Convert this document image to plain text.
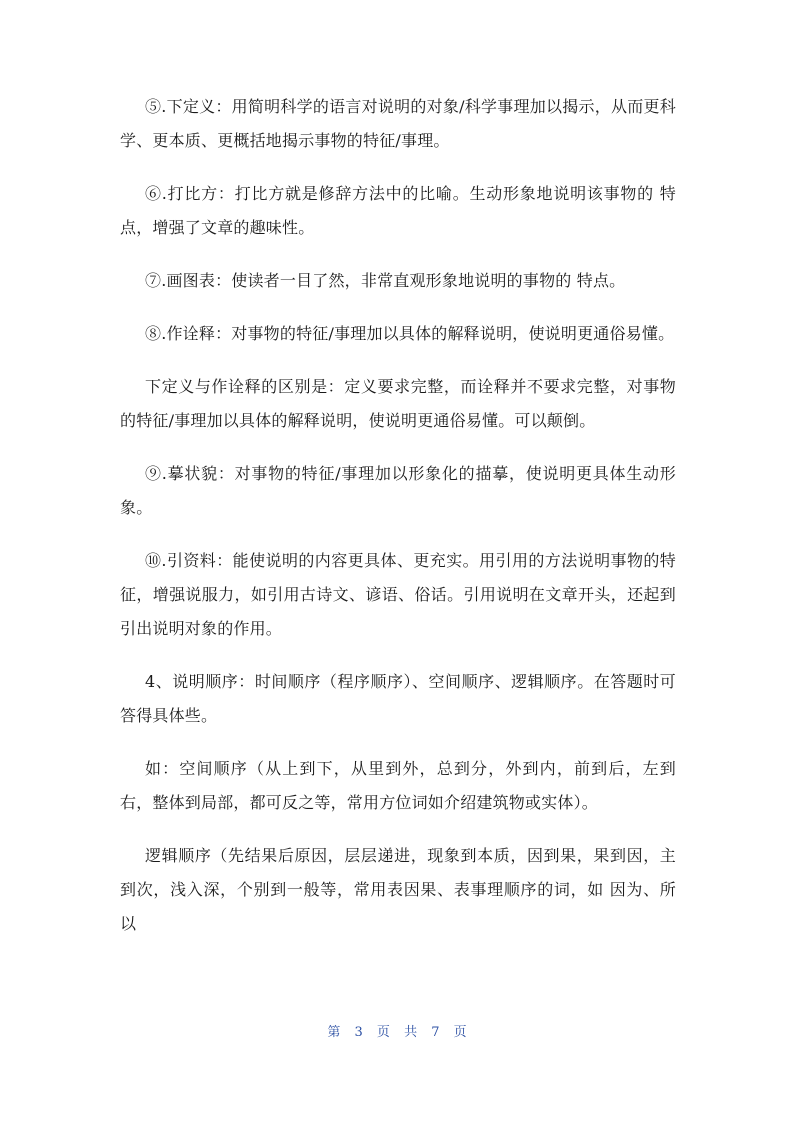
⑤.下定义：用简明科学的语言对说明的对象/科学事理加以揭示，从而更科学、更本质、更概括地揭示事物的特征/事理。

⑥.打比方：打比方就是修辞方法中的比喻。生动形象地说明该事物的 特点，增强了文章的趣味性。

⑦.画图表：使读者一目了然，非常直观形象地说明的事物的 特点。

⑧.作诠释：对事物的特征/事理加以具体的解释说明，使说明更通俗易懂。

下定义与作诠释的区别是：定义要求完整，而诠释并不要求完整，对事物的特征/事理加以具体的解释说明，使说明更通俗易懂。可以颠倒。

⑨.摹状貌：对事物的特征/事理加以形象化的描摹，使说明更具体生动形象。

⑩.引资料：能使说明的内容更具体、更充实。用引用的方法说明事物的特征，增强说服力，如引用古诗文、谚语、俗话。引用说明在文章开头，还起到引出说明对象的作用。

4、说明顺序：时间顺序（程序顺序）、空间顺序、逻辑顺序。在答题时可答得具体些。

如：空间顺序（从上到下，从里到外，总到分，外到内，前到后，左到右，整体到局部，都可反之等，常用方位词如介绍建筑物或实体）。

逻辑顺序（先结果后原因，层层递进，现象到本质，因到果，果到因，主到次，浅入深，个别到一般等，常用表因果、表事理顺序的词，如 因为、所以

第 3 页 共 7 页
